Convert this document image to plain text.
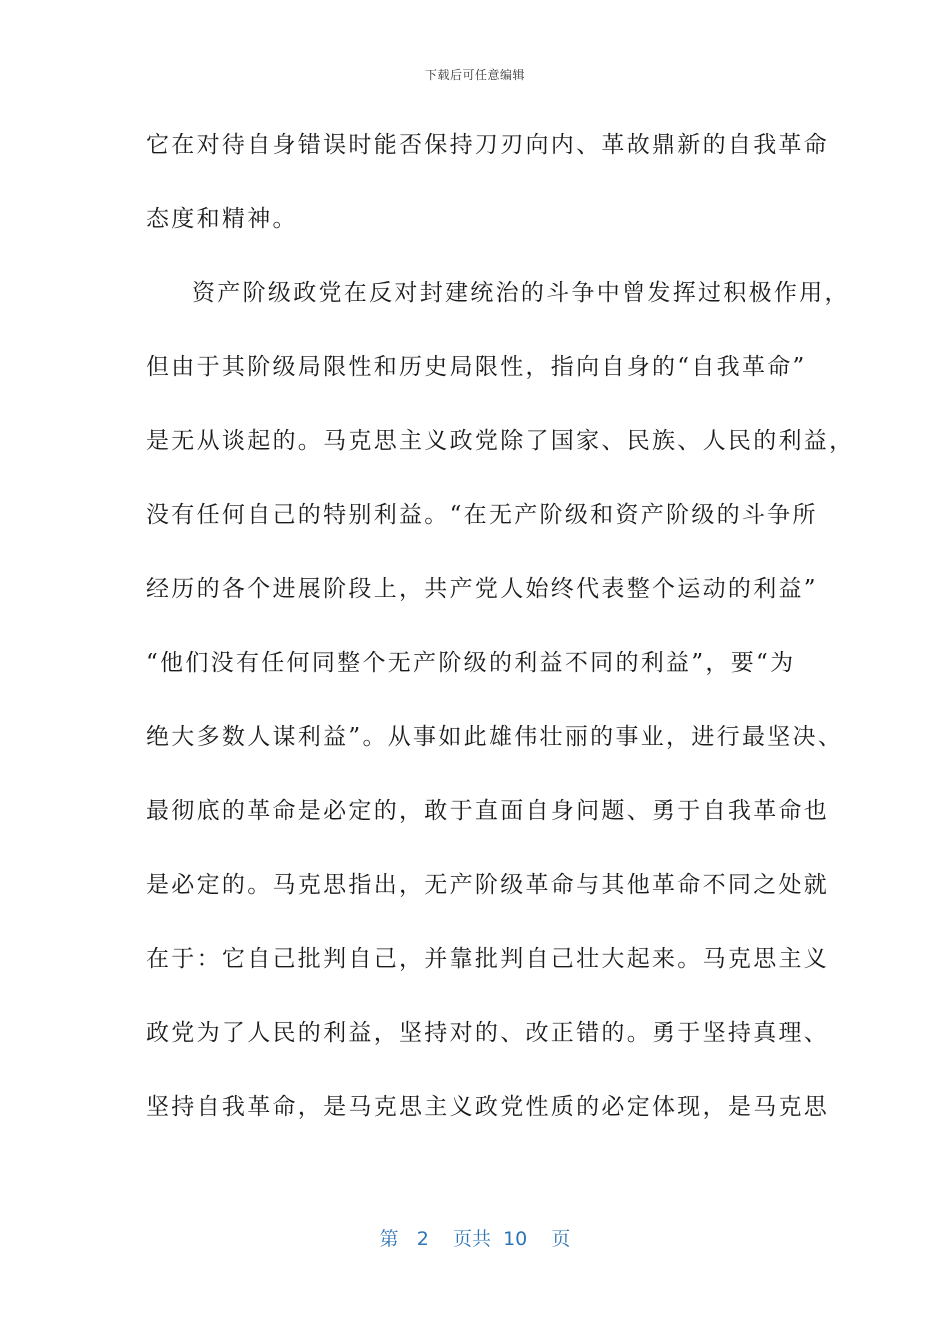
下载后可任意编辑
它在对待自身错误时能否保持刀刃向内、革故鼎新的自我革命
态度和精神。
资产阶级政党在反对封建统治的斗争中曾发挥过积极作用，
但由于其阶级局限性和历史局限性，指向自身的“自我革命”
是无从谈起的。马克思主义政党除了国家、民族、人民的利益，
没有任何自己的特别利益。“在无产阶级和资产阶级的斗争所
经历的各个进展阶段上，共产党人始终代表整个运动的利益”
“他们没有任何同整个无产阶级的利益不同的利益”，要“为
绝大多数人谋利益”。从事如此雄伟壮丽的事业，进行最坚决、
最彻底的革命是必定的，敢于直面自身问题、勇于自我革命也
是必定的。马克思指出，无产阶级革命与其他革命不同之处就
在于：它自己批判自己，并靠批判自己壮大起来。马克思主义
政党为了人民的利益，坚持对的、改正错的。勇于坚持真理、
坚持自我革命，是马克思主义政党性质的必定体现，是马克思
第 2 页共 10 页
